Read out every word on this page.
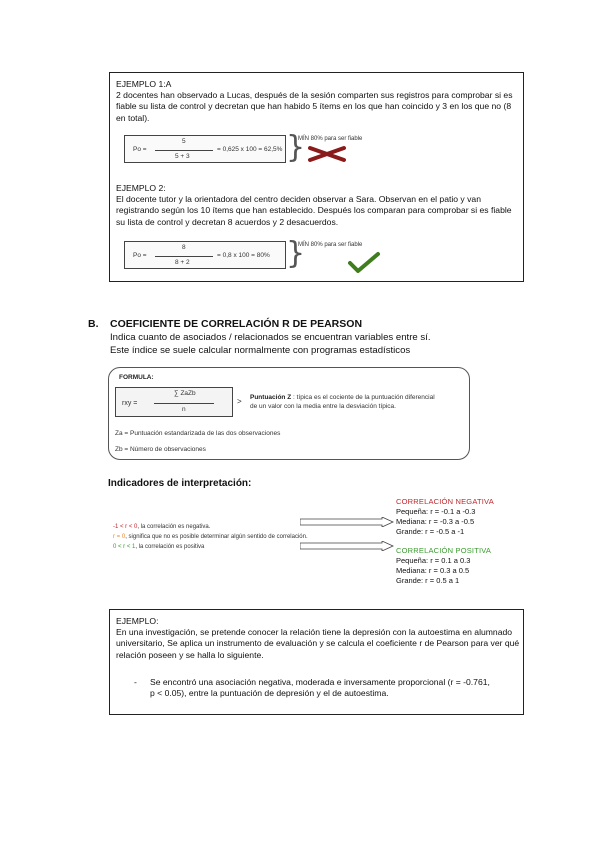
EJEMPLO 1:A

2 docentes han observado a Lucas, después de la sesión comparten sus registros para comprobar si es fiable su lista de control y decretan que han habido 5 ítems en los que han coincido y 3 en los que no (8 en total).

Po =
5
5 + 3
= 0,625 x 100 = 62,5% }
MÍN 80% para ser fiable

EJEMPLO 2:

El docente tutor y la orientadora del centro deciden observar a Sara. Observan en el patio y van registrando según los 10 ítems que han establecido. Después los comparan para comprobar si es fiable su lista de control y decretan 8 acuerdos y 2 desacuerdos.

Po =
8
8 + 2
= 0,8 x 100 = 80% }
MÍN 80% para ser fiable
B. COEFICIENTE DE CORRELACIÓN R DE PEARSON

Indica cuanto de asociados / relacionados se encuentran variables entre sí.

Este índice se suele calcular normalmente con programas estadísticos

FORMULA:
rxy =
∑ ZaZb
n
> Puntuación Z : típica es el cociente de la puntuación diferencial
de un valor con la media entre la desviación típica.
Za = Puntuación estandarizada de las dos observaciones
Zb = Número de observaciones
Indicadores de interpretación:
-1 < r < 0, la correlación es negativa.
r = 0, significa que no es posible determinar algún sentido de correlación.
0 < r < 1, la correlación es positiva
CORRELACIÓN NEGATIVA
Pequeña: r = -0.1 a -0.3
Mediana: r = -0.3 a -0.5
Grande: r = -0.5 a -1
CORRELACIÓN POSITIVA
Pequeña: r = 0.1 a 0.3
Mediana: r = 0.3 a 0.5
Grande: r = 0.5 a 1

EJEMPLO:

En una investigación, se pretende conocer la relación tiene la depresión con la autoestima en alumnado universitario, Se aplica un instrumento de evaluación y se calcula el coeficiente r de Pearson para ver qué relación poseen y se halla lo siguiente.

- Se encontró una asociación negativa, moderada e inversamente proporcional (r = -0.761, p < 0.05), entre la puntuación de depresión y el de autoestima.
